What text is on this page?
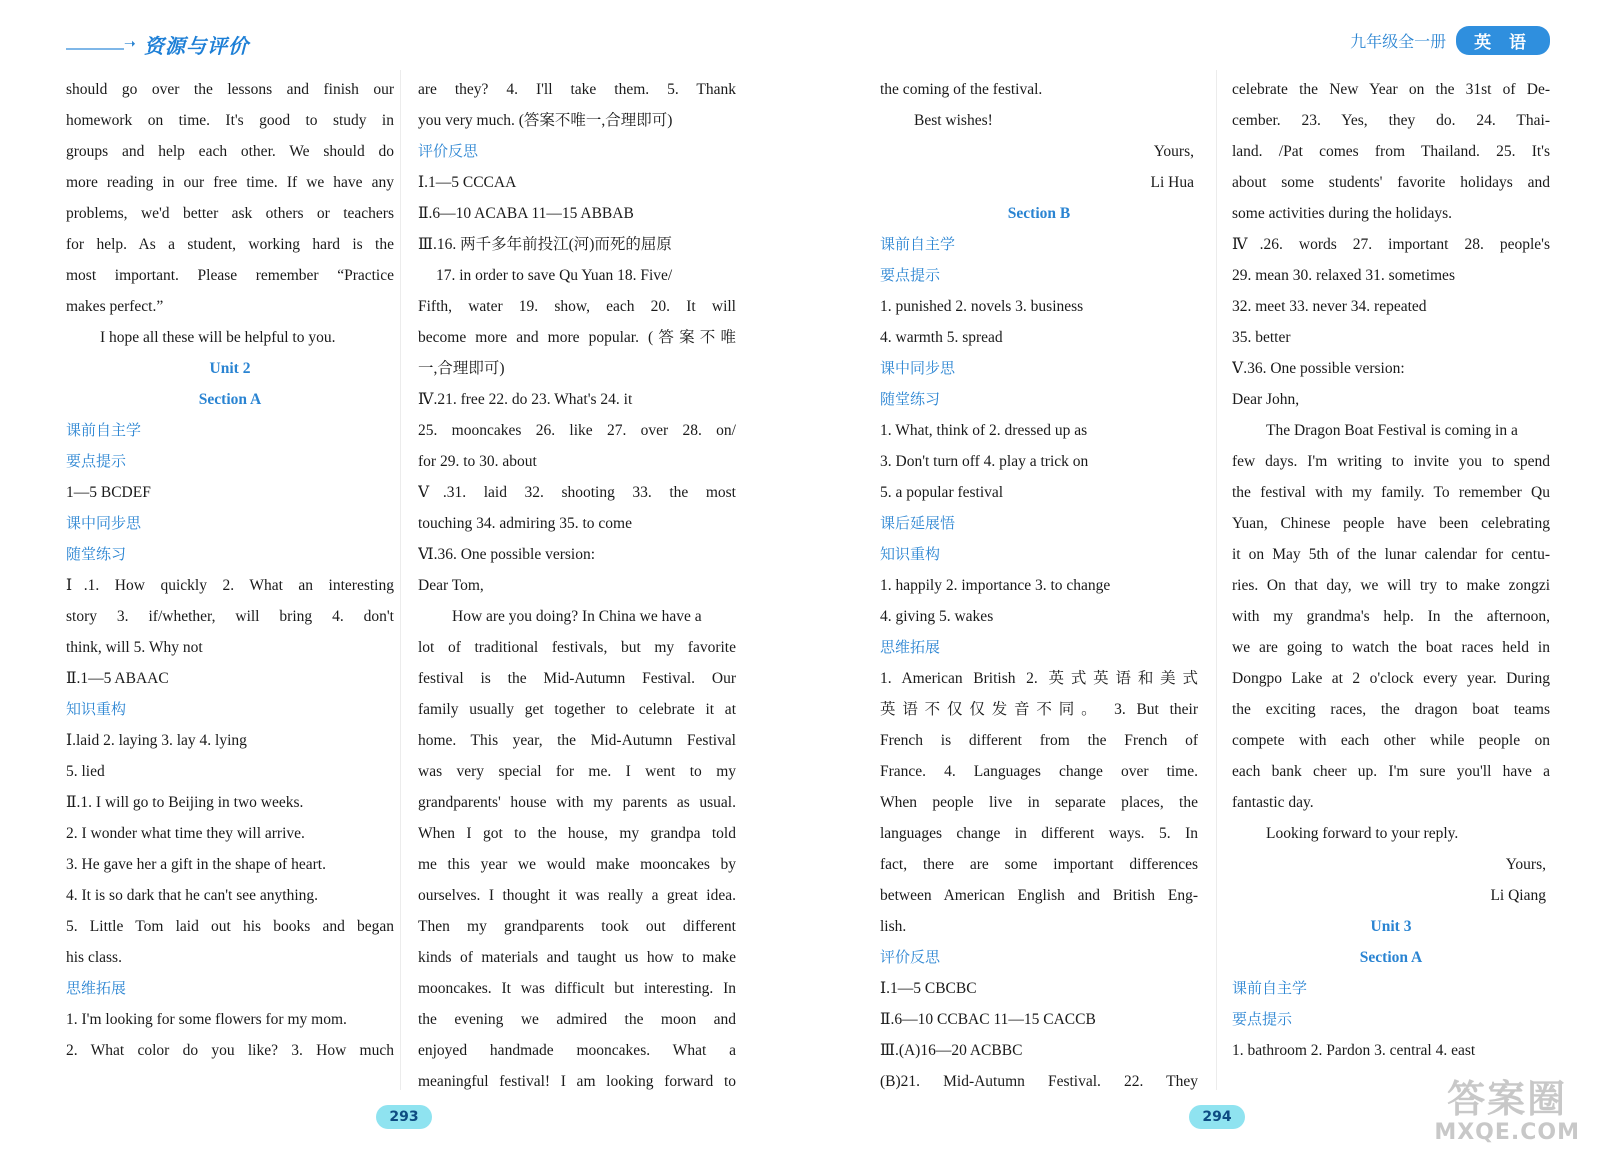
➝ 资源与评价
should go over the lessons and finish our
homework on time. It's good to study in
groups and help each other. We should do
more reading in our free time. If we have any
problems, we'd better ask others or teachers
for help. As a student, working hard is the
most important. Please remember “Practice
makes perfect.”
I hope all these will be helpful to you.
Unit 2
Section A
课前自主学
要点提示
1—5 BCDEF
课中同步思
随堂练习
Ⅰ.1. How quickly 2. What an interesting
story 3. if/whether, will bring 4. don't
think, will 5. Why not
Ⅱ.1—5 ABAAC
知识重构
Ⅰ.laid 2. laying 3. lay 4. lying
5. lied
Ⅱ.1. I will go to Beijing in two weeks.
2. I wonder what time they will arrive.
3. He gave her a gift in the shape of heart.
4. It is so dark that he can't see anything.
5. Little Tom laid out his books and began
his class.
思维拓展
1. I'm looking for some flowers for my mom.
2. What color do you like? 3. How much
are they? 4. I'll take them. 5. Thank
you very much. (答案不唯一,合理即可)
评价反思
Ⅰ.1—5 CCCAA
Ⅱ.6—10 ACABA 11—15 ABBAB
Ⅲ.16. 两千多年前投江(河)而死的屈原
17. in order to save Qu Yuan 18. Five/
Fifth, water 19. show, each 20. It will
become more and more popular. (答案不唯
一,合理即可)
Ⅳ.21. free 22. do 23. What's 24. it
25. mooncakes 26. like 27. over 28. on/
for 29. to 30. about
Ⅴ.31. laid 32. shooting 33. the most
touching 34. admiring 35. to come
Ⅵ.36. One possible version:
Dear Tom,
How are you doing? In China we have a
lot of traditional festivals, but my favorite
festival is the Mid-Autumn Festival. Our
family usually get together to celebrate it at
home. This year, the Mid-Autumn Festival
was very special for me. I went to my
grandparents' house with my parents as usual.
When I got to the house, my grandpa told
me this year we would make mooncakes by
ourselves. I thought it was really a great idea.
Then my grandparents took out different
kinds of materials and taught us how to make
mooncakes. It was difficult but interesting. In
the evening we admired the moon and
enjoyed handmade mooncakes. What a
meaningful festival! I am looking forward to
293
九年级全一册	英 语
the coming of the festival.
Best wishes!
Yours,
Li Hua
Section B
课前自主学
要点提示
1. punished 2. novels 3. business
4. warmth 5. spread
课中同步思
随堂练习
1. What, think of 2. dressed up as
3. Don't turn off 4. play a trick on
5. a popular festival
课后延展悟
知识重构
1. happily 2. importance 3. to change
4. giving 5. wakes
思维拓展
1. American British 2. 英式英语和美式
英语不仅仅发音不同。 3. But their
French is different from the French of
France. 4. Languages change over time.
When people live in separate places, the
languages change in different ways. 5. In
fact, there are some important differences
between American English and British Eng-
lish.
评价反思
Ⅰ.1—5 CBCBC
Ⅱ.6—10 CCBAC 11—15 CACCB
Ⅲ.(A)16—20 ACBBC
(B)21. Mid-Autumn Festival. 22. They
celebrate the New Year on the 31st of De-
cember. 23. Yes, they do. 24. Thai-
land. /Pat comes from Thailand. 25. It's
about some students' favorite holidays and
some activities during the holidays.
Ⅳ.26. words 27. important 28. people's
29. mean 30. relaxed 31. sometimes
32. meet 33. never 34. repeated
35. better
Ⅴ.36. One possible version:
Dear John,
The Dragon Boat Festival is coming in a
few days. I'm writing to invite you to spend
the festival with my family. To remember Qu
Yuan, Chinese people have been celebrating
it on May 5th of the lunar calendar for centu-
ries. On that day, we will try to make zongzi
with my grandma's help. In the afternoon,
we are going to watch the boat races held in
Dongpo Lake at 2 o'clock every year. During
the exciting races, the dragon boat teams
compete with each other while people on
each bank cheer up. I'm sure you'll have a
fantastic day.
Looking forward to your reply.
Yours,
Li Qiang
Unit 3
Section A
课前自主学
要点提示
1. bathroom 2. Pardon 3. central 4. east
294	答案圈
MXQE.COM
